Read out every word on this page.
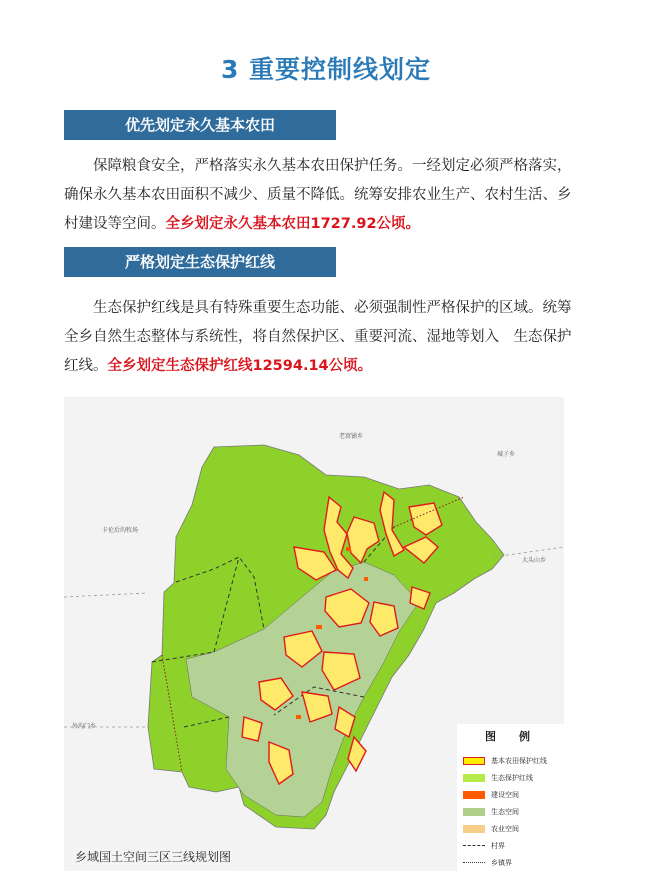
3 重要控制线划定
优先划定永久基本农田

保障粮食安全，严格落实永久基本农田保护任务。一经划定必须严格落实，确保永久基本农田面积不减少、质量不降低。统筹安排农业生产、农村生活、乡村建设等空间。全乡划定永久基本农田1727.92公顷。

严格划定生态保护红线

生态保护红线是具有特殊重要生态功能、必须强制性严格保护的区域。统筹全乡自然生态整体与系统性，将自然保护区、重要河流、湿地等划入　生态保护红线。全乡划定生态保护红线12594.14公顷。

老窝铺乡
城子乡
卡伦后沟牧场
大头山乡
外沟门乡
乡域国土空间三区三线规划图
图　例
基本农田保护红线
生态保护红线
建设空间
生态空间
农业空间
村界
乡镇界
